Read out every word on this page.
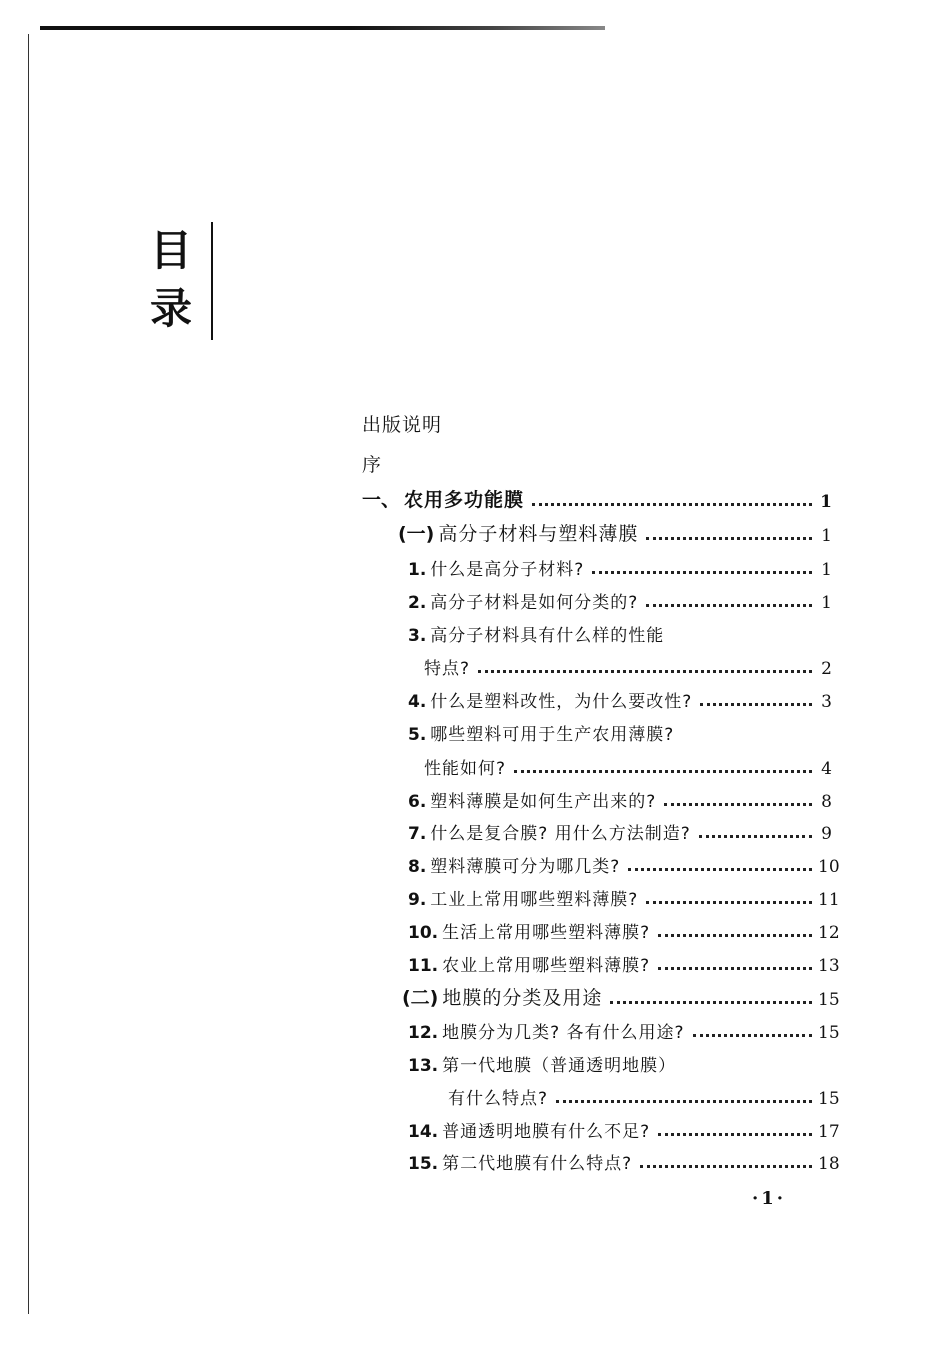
目
录
出版说明
序
一、 农用多功能膜	1
(一) 高分子材料与塑料薄膜	1
1. 什么是高分子材料?	1
2. 高分子材料是如何分类的?	1
3. 高分子材料具有什么样的性能
特点?	2
4. 什么是塑料改性，为什么要改性?	3
5. 哪些塑料可用于生产农用薄膜?
性能如何?	4
6. 塑料薄膜是如何生产出来的?	8
7. 什么是复合膜? 用什么方法制造?	9
8. 塑料薄膜可分为哪几类?	10
9. 工业上常用哪些塑料薄膜?	11
10. 生活上常用哪些塑料薄膜?	12
11. 农业上常用哪些塑料薄膜?	13
(二) 地膜的分类及用途	15
12. 地膜分为几类? 各有什么用途?	15
13. 第一代地膜（普通透明地膜）
有什么特点?	15
14. 普通透明地膜有什么不足?	17
15. 第二代地膜有什么特点?	18
·1·
